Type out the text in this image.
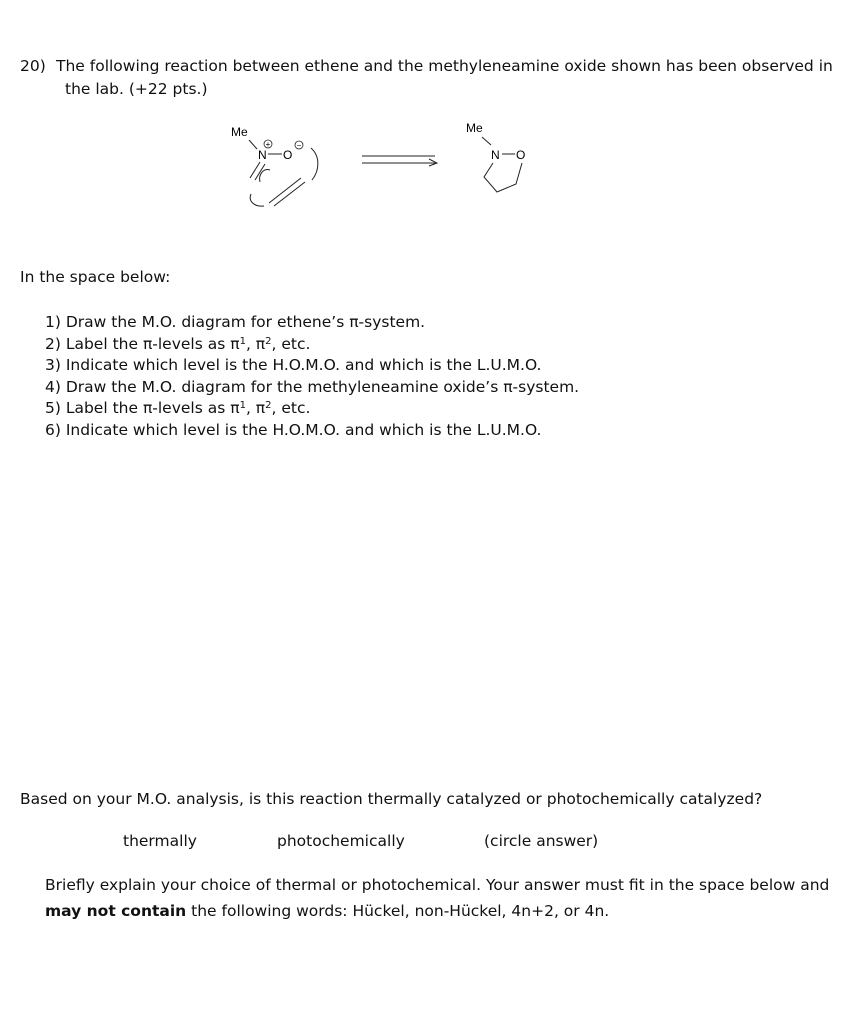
20) The following reaction between ethene and the methyleneamine oxide shown has been observed in
the lab. (+22 pts.)
Me
+
N O
−
Me
N O
In the space below:
1) Draw the M.O. diagram for ethene’s π-system.
2) Label the π-levels as $\pi^1$, $\pi^2$, etc.
3) Indicate which level is the H.O.M.O. and which is the L.U.M.O.
4) Draw the M.O. diagram for the methyleneamine oxide’s π-system.
5) Label the π-levels as $\pi^1$, $\pi^2$, etc.
6) Indicate which level is the H.O.M.O. and which is the L.U.M.O.
Based on your M.O. analysis, is this reaction thermally catalyzed or photochemically catalyzed?
thermally	photochemically	(circle answer)
Briefly explain your choice of thermal or photochemical. Your answer must fit in the space below and
may not contain the following words: Hückel, non-Hückel, 4n+2, or 4n.
